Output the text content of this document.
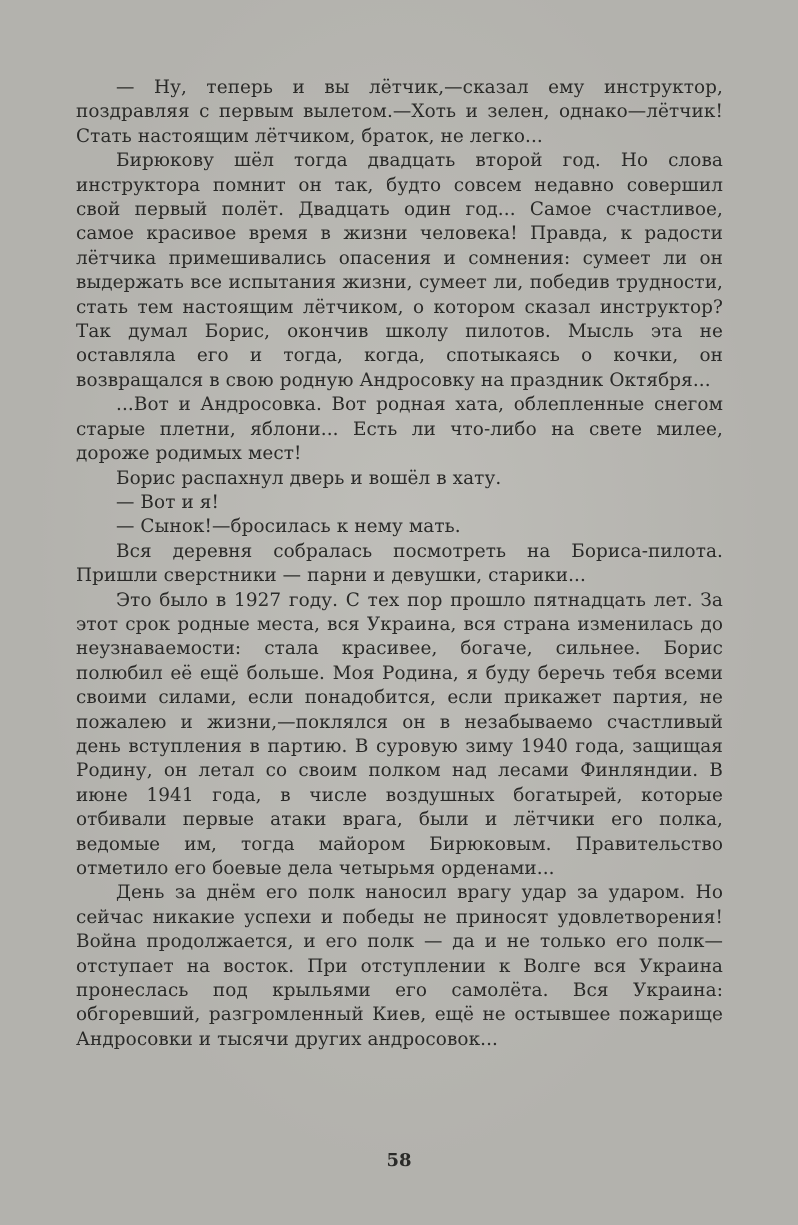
— Ну, теперь и вы лётчик,—сказал ему инструктор, поздравляя с первым вылетом.—Хоть и зелен, однако—лётчик! Стать настоящим лётчиком, браток, не легко...

Бирюкову шёл тогда двадцать второй год. Но слова инструктора помнит он так, будто совсем недавно совершил свой первый полёт. Двадцать один год... Самое счастливое, самое красивое время в жизни человека! Правда, к радости лётчика примешивались опасения и сомнения: сумеет ли он выдержать все испытания жизни, сумеет ли, победив трудности, стать тем настоящим лётчиком, о котором сказал инструктор? Так думал Борис, окончив школу пилотов. Мысль эта не оставляла его и тогда, когда, спотыкаясь о кочки, он возвращался в свою родную Андросовку на праздник Октября...

...Вот и Андросовка. Вот родная хата, облепленные снегом старые плетни, яблони... Есть ли что-либо на свете милее, дороже родимых мест!

Борис распахнул дверь и вошёл в хату.

— Вот и я!

— Сынок!—бросилась к нему мать.

Вся деревня собралась посмотреть на Бориса-пилота. Пришли сверстники — парни и девушки, старики...

Это было в 1927 году. С тех пор прошло пятнадцать лет. За этот срок родные места, вся Украина, вся страна изменилась до неузнаваемости: стала красивее, богаче, сильнее. Борис полюбил её ещё больше. Моя Родина, я буду беречь тебя всеми своими силами, если понадобится, если прикажет партия, не пожалею и жизни,—поклялся он в незабываемо счастливый день вступления в партию. В суровую зиму 1940 года, защищая Родину, он летал со своим полком над лесами Финляндии. В июне 1941 года, в числе воздушных богатырей, которые отбивали первые атаки врага, были и лётчики его полка, ведомые им, тогда майором Бирюковым. Правительство отметило его боевые дела четырьмя орденами...

День за днём его полк наносил врагу удар за ударом. Но сейчас никакие успехи и победы не приносят удовлетворения! Война продолжается, и его полк — да и не только его полк—отступает на восток. При отступлении к Волге вся Украина пронеслась под крыльями его самолёта. Вся Украина: обгоревший, разгромленный Киев, ещё не остывшее пожарище Андросовки и тысячи других андросовок...

58
